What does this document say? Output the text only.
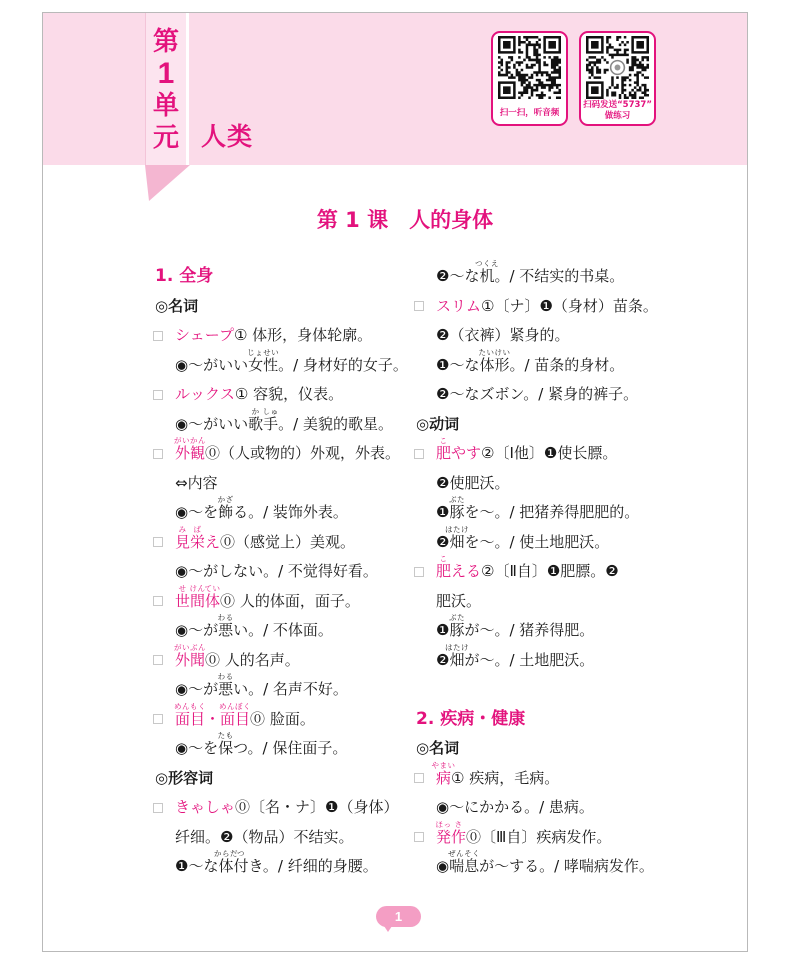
第
1
单
元 人类
扫一扫，听音频
扫码发送“5737”
做练习
第 1 课　人的身体
1. 全身
◎名词
シェープ① 体形，身体轮廓。
◉～がいい女性
じょせい
。/ 身材好的女子。
ルックス① 容貌，仪表。
◉～がいい歌
か
手
しゅ
。/ 美貌的歌星。
外観
がいかん
⓪（人或物的）外观，外表。
⇔内容
◉～を飾
かざ
る。/ 装饰外表。
見
み
栄
ば
え⓪（感觉上）美观。
◉～がしない。/ 不觉得好看。
世
せ
間
けん
体
てい
⓪ 人的体面，面子。
◉～が悪
わる
い。/ 不体面。
外聞
がいぶん
⓪ 人的名声。
◉～が悪
わる
い。/ 名声不好。
面目
めんもく
・面目
めんぼく
⓪ 脸面。
◉～を保
たも
つ。/ 保住面子。
◎形容词
きゃしゃ⓪〔名・ナ〕❶（身体）
纤细。❷（物品）不结实。
❶～な体
からだ
付
つ
き。/ 纤细的身腰。
❷～な机
つくえ
。/ 不结实的书桌。
スリム①〔ナ〕❶（身材）苗条。
❷（衣裤）紧身的。
❶～な体形
たいけい
。/ 苗条的身材。
❷～なズボン。/ 紧身的裤子。
◎动词
肥
こ
やす②〔Ⅰ他〕❶使长膘。
❷使肥沃。
❶豚
ぶた
を～。/ 把猪养得肥肥的。
❷畑
はたけ
を～。/ 使土地肥沃。
肥
こ
える②〔Ⅱ自〕❶肥膘。❷
肥沃。
❶豚
ぶた
が～。/ 猪养得肥。
❷畑
はたけ
が～。/ 土地肥沃。
2. 疾病・健康
◎名词
病
やまい
① 疾病，毛病。
◉～にかかる。/ 患病。
発
ほっ
作
さ
⓪〔Ⅲ自〕疾病发作。
◉喘息
ぜんそく
が～する。/ 哮喘病发作。
1
